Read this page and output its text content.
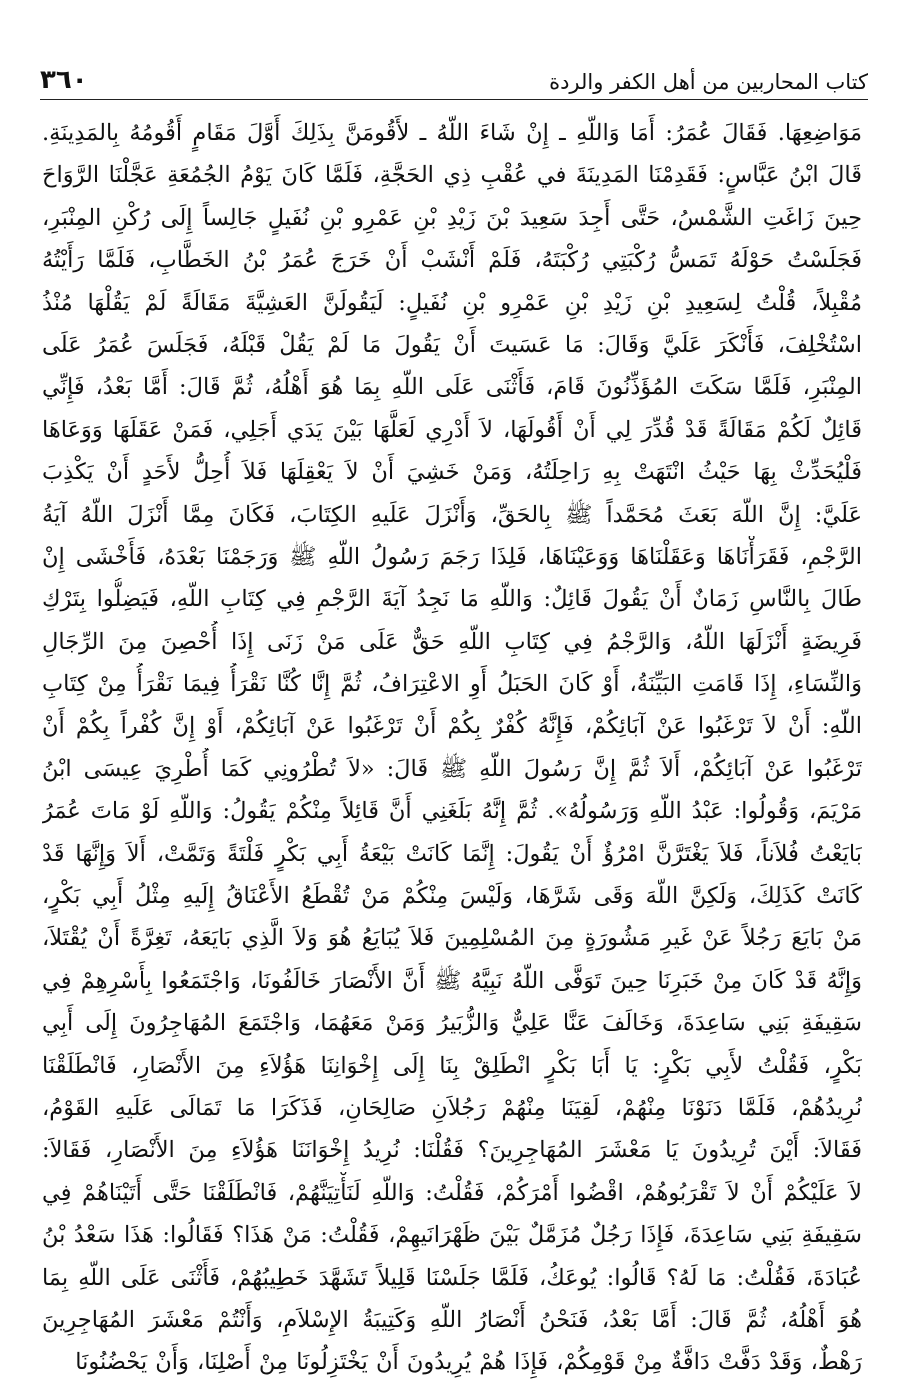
كتاب المحاربين من أهل الكفر والردة
٣٦٠
مَوَاضِعِهَا. فَقَالَ عُمَرُ: أَمَا وَاللّهِ ـ إِنْ شَاءَ اللّهُ ـ لأَقُومَنَّ بِذَلِكَ أَوَّلَ مَقَامٍ أَقُومُهُ بِالمَدِينَةِ.
قَالَ ابْنُ عَبَّاسٍ: فَقَدِمْنَا المَدِينَةَ في عُقْبِ ذِي الحَجَّةِ، فَلَمَّا كَانَ يَوْمُ الجُمُعَةِ عَجَّلْنَا الرَّوَاحَ
حِينَ زَاغَتِ الشَّمْسُ، حَتَّى أَجِدَ سَعِيدَ بْنَ زَيْدِ بْنِ عَمْرِو بْنِ نُفَيلٍ جَالِساً إِلَى رُكْنِ المِنْبَرِ،
فَجَلَسْتُ حَوْلَهُ تَمَسُّ رُكْبَتِي رُكْبَتَهُ، فَلَمْ أَنْشَبْ أَنْ خَرَجَ عُمَرُ بْنُ الخَطَّابِ، فَلَمَّا رَأَيْتُهُ
مُقْبِلاً، قُلْتُ لِسَعِيدِ بْنِ زَيْدِ بْنِ عَمْرِو بْنِ نُفَيلٍ: لَيَقُولَنَّ العَشِيَّةَ مَقَالَةً لَمْ يَقُلْهَا مُنْذُ
اسْتُخْلِفَ، فَأَنْكَرَ عَلَيَّ وَقَالَ: مَا عَسَيتَ أَنْ يَقُولَ مَا لَمْ يَقُلْ قَبْلَهُ، فَجَلَسَ عُمَرُ عَلَى
المِنْبَرِ، فَلَمَّا سَكَتَ المُؤَذِّنُونَ قَامَ، فَأَثْنَى عَلَى اللّهِ بِمَا هُوَ أَهْلُهُ، ثُمَّ قَالَ: أَمَّا بَعْدُ، فَإِنِّي
قَائِلٌ لَكُمْ مَقَالَةً قَدْ قُدِّرَ لِي أَنْ أَقُولَهَا، لاَ أَدْرِي لَعَلَّهَا بَيْنَ يَدَي أَجَلِي، فَمَنْ عَقَلَهَا وَوَعَاهَا
فَلْيُحَدِّثْ بِهَا حَيْثُ انْتَهَتْ بِهِ رَاحِلَتُهُ، وَمَنْ خَشِيَ أَنْ لاَ يَعْقِلَهَا فَلاَ أُحِلُّ لأَحَدٍ أَنْ يَكْذِبَ
عَلَيَّ: إِنَّ اللّهَ بَعَثَ مُحَمَّداً ﷺ بِالحَقِّ، وَأَنْزَلَ عَلَيهِ الكِتَابَ، فَكَانَ مِمَّا أَنْزَلَ اللّهُ آيَةُ
الرَّجْمِ، فَقَرَأْنَاهَا وَعَقَلْنَاهَا وَوَعَيْنَاهَا، فَلِذَا رَجَمَ رَسُولُ اللّهِ ﷺ وَرَجَمْنَا بَعْدَهُ، فَأَخْشَى إِنْ
طَالَ بِالنَّاسِ زَمَانٌ أَنْ يَقُولَ قَائِلٌ: وَاللّهِ مَا نَجِدُ آيَةَ الرَّجْمِ فِي كِتَابِ اللّهِ، فَيَضِلُّوا بِتَرْكِ
فَرِيضَةٍ أَنْزَلَهَا اللّهُ، وَالرَّجْمُ فِي كِتَابِ اللّهِ حَقٌّ عَلَى مَنْ زَنَى إِذَا أُحْصِنَ مِنَ الرِّجَالِ
وَالنِّسَاءِ، إِذَا قَامَتِ البَيِّنَةُ، أَوْ كَانَ الحَبَلُ أَوِ الاعْتِرَافُ، ثُمَّ إِنَّا كُنَّا نَقْرَأُ فِيمَا نَقْرَأُ مِنْ كِتَابِ
اللّهِ: أَنْ لاَ تَرْغَبُوا عَنْ آبَائِكُمْ، فَإِنَّهُ كُفْرٌ بِكُمْ أَنْ تَرْغَبُوا عَنْ آبَائِكُمْ، أَوْ إِنَّ كُفْراً بِكُمْ أَنْ
تَرْغَبُوا عَنْ آبَائِكُمْ، أَلاَ ثُمَّ إِنَّ رَسُولَ اللّهِ ﷺ قَالَ: «لاَ تُطْرُونِي كَمَا أُطْرِيَ عِيسَى ابْنُ
مَرْيَمَ، وَقُولُوا: عَبْدُ اللّهِ وَرَسُولُهُ». ثُمَّ إِنَّهُ بَلَغَنِي أَنَّ قَائِلاً مِنْكُمْ يَقُولُ: وَاللّهِ لَوْ مَاتَ عُمَرُ
بَايَعْتُ فُلاَناً، فَلاَ يَغْتَرَّنَّ امْرُؤٌ أَنْ يَقُولَ: إِنَّمَا كَانَتْ بَيْعَةُ أَبِي بَكْرٍ فَلْتَةً وَتَمَّتْ، أَلاَ وَإِنَّهَا قَدْ
كَانَتْ كَذَلِكَ، وَلَكِنَّ اللّهَ وَقَى شَرَّهَا، وَلَيْسَ مِنْكُمْ مَنْ تُقْطَعُ الأَعْنَاقُ إِلَيهِ مِثْلُ أَبِي بَكْرٍ،
مَنْ بَايَعَ رَجُلاً عَنْ غَيرِ مَشُورَةٍ مِنَ المُسْلِمِينَ فَلاَ يُبَايَعُ هُوَ وَلاَ الَّذِي بَايَعَهُ، تَغِرَّةً أَنْ يُقْتَلاَ،
وَإِنَّهُ قَدْ كَانَ مِنْ خَبَرِنَا حِينَ تَوَفَّى اللّهُ نَبِيَّهُ ﷺ أَنَّ الأَنْصَارَ خَالَفُونَا، وَاجْتَمَعُوا بِأَسْرِهِمْ فِي
سَقِيفَةِ بَنِي سَاعِدَةَ، وَخَالَفَ عَنَّا عَلِيٌّ وَالزُّبَيرُ وَمَنْ مَعَهُمَا، وَاجْتَمَعَ المُهَاجِرُونَ إِلَى أَبِي
بَكْرٍ، فَقُلْتُ لأَبِي بَكْرٍ: يَا أَبَا بَكْرٍ انْطَلِقْ بِنَا إِلَى إِخْوَانِنَا هَؤُلاَءِ مِنَ الأَنْصَارِ، فَانْطَلَقْنَا
نُرِيدُهُمْ، فَلَمَّا دَنَوْنَا مِنْهُمْ، لَقِيَنَا مِنْهُمْ رَجُلاَنِ صَالِحَانِ، فَذَكَرَا مَا تَمَالَى عَلَيهِ القَوْمُ،
فَقَالاَ: أَيْنَ تُرِيدُونَ يَا مَعْشَرَ المُهَاجِرِينَ؟ فَقُلْنَا: نُرِيدُ إِخْوَانَنَا هَؤُلاَءِ مِنَ الأَنْصَارِ، فَقَالاَ:
لاَ عَلَيْكُمْ أَنْ لاَ تَقْرَبُوهُمْ، اقْضُوا أَمْرَكُمْ، فَقُلْتُ: وَاللّهِ لَنَأْتِيَنَّهُمْ، فَانْطَلَقْنَا حَتَّى أَتَيْنَاهُمْ فِي
سَقِيفَةِ بَنِي سَاعِدَةَ، فَإِذَا رَجُلٌ مُزَمَّلٌ بَيْنَ ظَهْرَانَيهِمْ، فَقُلْتُ: مَنْ هَذَا؟ فَقَالُوا: هَذَا سَعْدُ بْنُ
عُبَادَةَ، فَقُلْتُ: مَا لَهُ؟ قَالُوا: يُوعَكُ، فَلَمَّا جَلَسْنَا قَلِيلاً تَشَهَّدَ خَطِيبُهُمْ، فَأَثْنَى عَلَى اللّهِ بِمَا
هُوَ أَهْلُهُ، ثُمَّ قَالَ: أَمَّا بَعْدُ، فَنَحْنُ أَنْصَارُ اللّهِ وَكَتِيبَةُ الإِسْلاَمِ، وَأَنْتُمْ مَعْشَرَ المُهَاجِرِينَ
رَهْطٌ، وَقَدْ دَفَّتْ دَافَّةٌ مِنْ قَوْمِكُمْ، فَإِذَا هُمْ يُرِيدُونَ أَنْ يَخْتَزِلُونَا مِنْ أَصْلِنَا، وَأَنْ يَحْضُنُونَا
